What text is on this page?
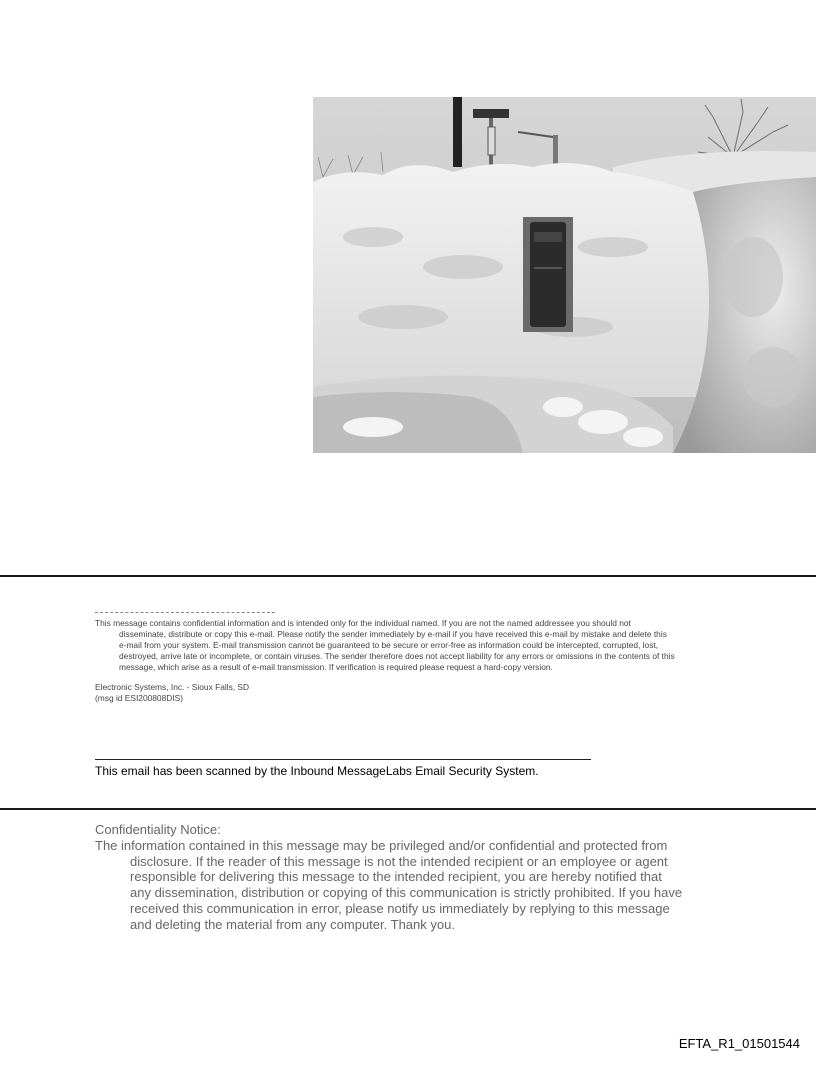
This message contains confidential information and is intended only for the individual named. If you are not the named addressee you should not disseminate, distribute or copy this e-mail. Please notify the sender immediately by e-mail if you have received this e-mail by mistake and delete this e-mail from your system. E-mail transmission cannot be guaranteed to be secure or error-free as information could be intercepted, corrupted, lost, destroyed, arrive late or incomplete, or contain viruses. The sender therefore does not accept liability for any errors or omissions in the contents of this message, which arise as a result of e-mail transmission. If verification is required please request a hard-copy version.

Electronic Systems, Inc. - Sioux Falls, SD
(msg id ESI200808DIS)
This email has been scanned by the Inbound MessageLabs Email Security System.
Confidentiality Notice:

The information contained in this message may be privileged and/or confidential and protected from disclosure. If the reader of this message is not the intended recipient or an employee or agent responsible for delivering this message to the intended recipient, you are hereby notified that any dissemination, distribution or copying of this communication is strictly prohibited. If you have received this communication in error, please notify us immediately by replying to this message and deleting the material from any computer. Thank you.

EFTA_R1_01501544
